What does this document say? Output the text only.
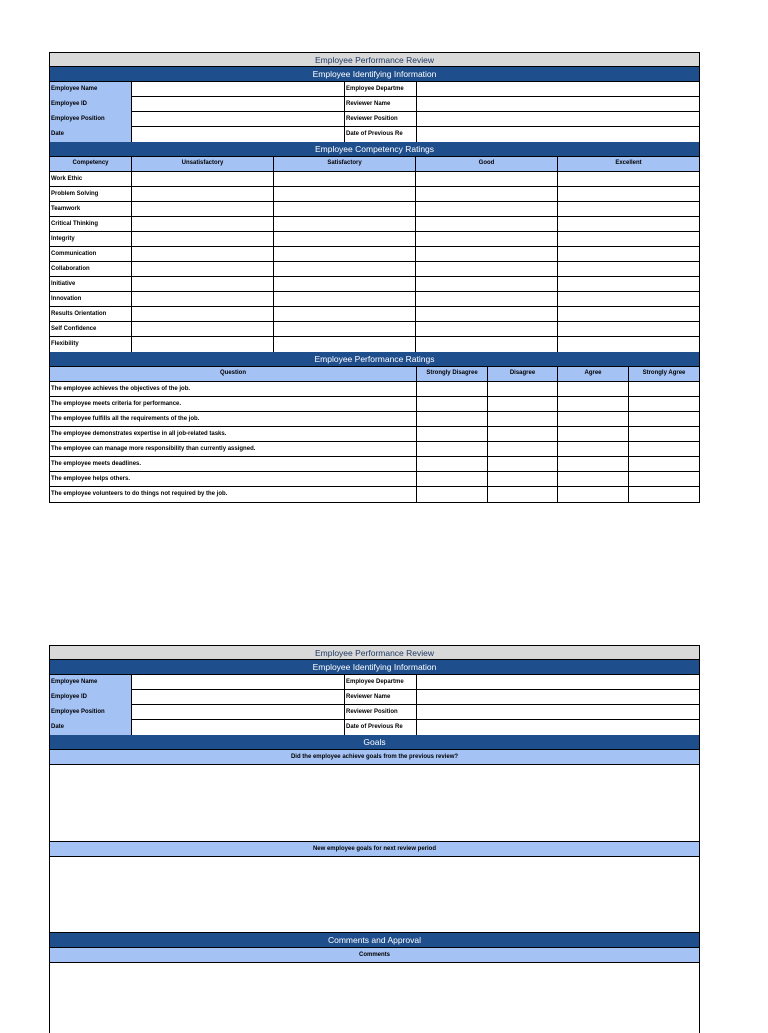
Employee Performance Review
Employee Identifying Information
Employee Name	Employee Departme
Employee ID	Reviewer Name
Employee Position	Reviewer Position
Date	Date of Previous Re
Employee Competency Ratings
Competency	Unsatisfactory	Satisfactory	Good	Excellent
Work Ethic
Problem Solving
Teamwork
Critical Thinking
Integrity
Communication
Collaboration
Initiative
Innovation
Results Orientation
Self Confidence
Flexibility
Employee Performance Ratings
Question	Strongly Disagree	Disagree	Agree	Strongly Agree
The employee achieves the objectives of the job.
The employee meets criteria for performance.
The employee fulfills all the requirements of the job.
The employee demonstrates expertise in all job-related tasks.
The employee can manage more responsibility than currently assigned.
The employee meets deadlines.
The employee helps others.
The employee volunteers to do things not required by the job.
Employee Performance Review
Employee Identifying Information
Employee Name	Employee Departme
Employee ID	Reviewer Name
Employee Position	Reviewer Position
Date	Date of Previous Re
Goals
Did the employee achieve goals from the previous review?
New employee goals for next review period
Comments and Approval
Comments
